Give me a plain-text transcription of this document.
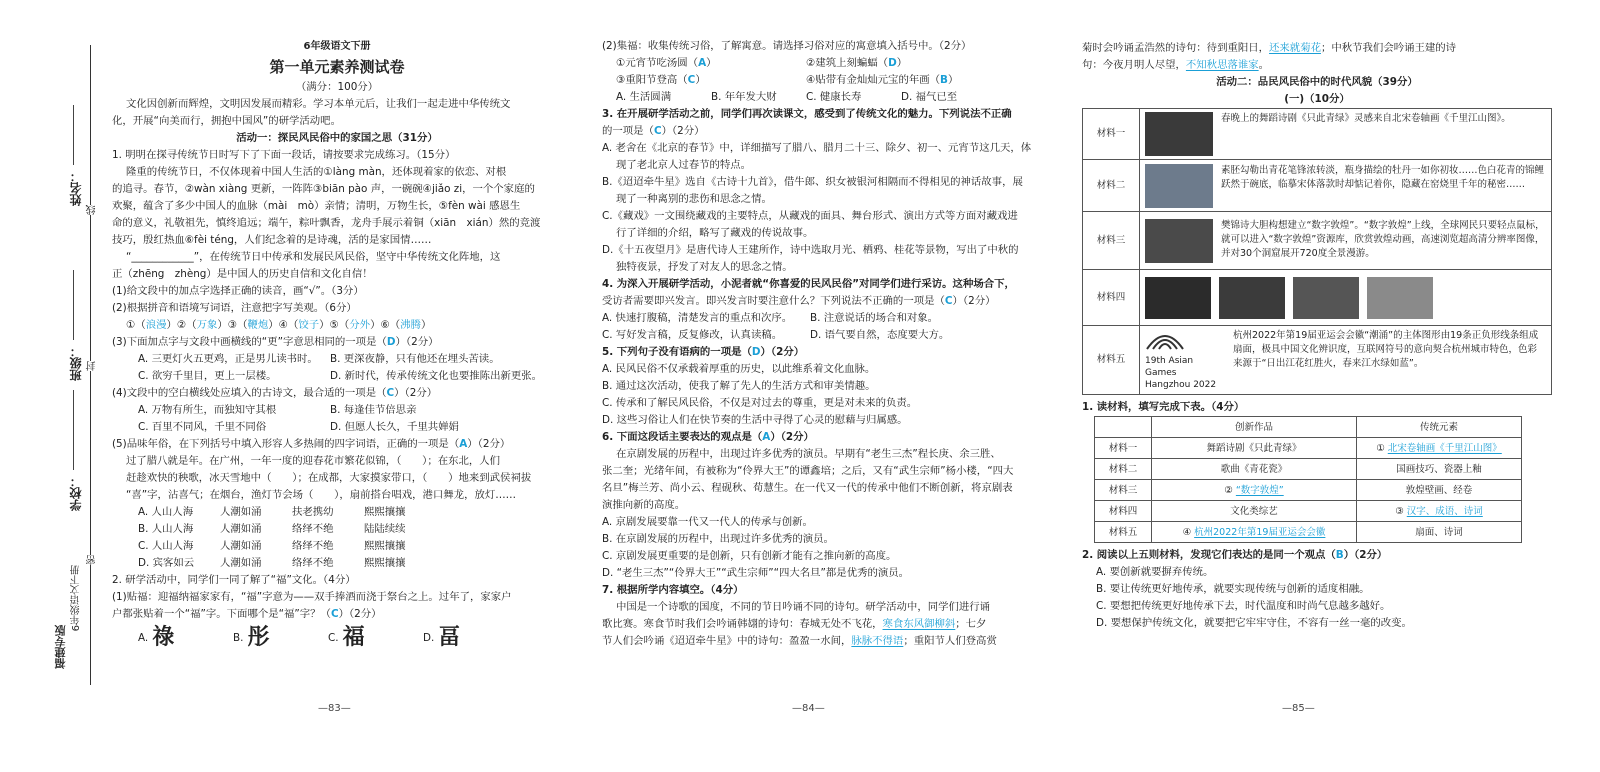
姓名：
线
班级： 封
学校：
6年级语文下册
密
福建专版
6年级语文下册
第一单元素养测试卷
（满分：100分）
文化因创新而辉煌，文明因发展而精彩。学习本单元后，让我们一起走进中华传统文
化，开展“向美而行，拥抱中国风”的研学活动吧。
活动一：探民风民俗中的家国之思（31分）
1. 明明在探寻传统节日时写下了下面一段话，请按要求完成练习。（15分）
隆重的传统节日，不仅体现着中国人生活的①làng màn，还体现着家的依恋、对根
的追寻。春节，②wàn xiàng 更新，一阵阵③biān pào 声，一碗碗④jiǎo zi，一个个家庭的
欢聚，蕴含了多少中国人的血脉（mài　mò）亲情；清明，万物生长，⑤fèn wài 感恩生
命的意义，礼敬祖先，慎终追远；端午，粽叶飘香，龙舟手展示着铜（xiān　xián）然的竞渡
技巧，殷红热血⑥fèi téng，人们纪念着的是诗魂，活的是家国情……
“____________”，在传统节日中传承和发展民风民俗，坚守中华传统文化阵地，这
正（zhēng　zhèng）是中国人的历史自信和文化自信！
(1)给文段中的加点字选择正确的读音，画“√”。（3分）
(2)根据拼音和语境写词语，注意把字写美观。（6分）
①（浪漫）②（万象）③（鞭炮）④（饺子）⑤（分外）⑥（沸腾）
(3)下面加点字与文段中画横线的“更”字意思相同的一项是（D）（2分）
A. 三更灯火五更鸡，正是男儿读书时。 B. 更深夜静，只有他还在埋头苦读。
C. 欲穷千里目，更上一层楼。	D. 新时代，传承传统文化也要推陈出新更张。
(4)文段中的空白横线处应填入的古诗文，最合适的一项是（C）（2分）
A. 万物有所生，而独知守其根	B. 每逢佳节倍思亲
C. 百里不同风，千里不同俗	D. 但愿人长久，千里共婵娟
(5)品味年俗，在下列括号中填入形容人多热闹的四字词语，正确的一项是（A）（2分）
过了腊八就是年。在广州，一年一度的迎春花市繁花似锦，（　　）；在东北，人们
赶趁欢快的秧歌，冰天雪地中（　　）；在成都，大家摸家带口，（　　）地来到武侯祠拔
“喜”字，沾喜气；在烟台，渔灯节会场（　　），扇前搭台唱戏，港口舞龙，放灯……
A. 人山人海	人潮如涌	扶老携幼	熙熙攘攘
B. 人山人海	人潮如涌	络绎不绝	陆陆续续
C. 人山人海	人潮如涌	络绎不绝	熙熙攘攘
D. 宾客如云 人潮如涌	络绎不绝	熙熙攘攘
2. 研学活动中，同学们一同了解了“福”文化。（4分）
(1)贴福：迎福纳福家家有，“福”字意为——双手捧酒而浇于祭台之上。过年了，家家户
户都张贴着一个“福”字。下面哪个是“福”字？（C）（2分）
A. 祿	B. 彤	C. 福	D. 畐
—83—
(2)集福：收集传统习俗，了解寓意。请选择习俗对应的寓意填入括号中。（2分）
①元宵节吃汤圆（A）	②建筑上刻蝙蝠（D）
③重阳节登高（C）	④贴带有金灿灿元宝的年画（B）
A. 生活圆满	B. 年年发大财	C. 健康长寿	D. 福气已至
3. 在开展研学活动之前，同学们再次读课文，感受到了传统文化的魅力。下列说法不正确
的一项是（C）（2分）
A. 老舍在《北京的春节》中，详细描写了腊八、腊月二十三、除夕、初一、元宵节这几天，体
现了老北京人过春节的特点。
B.《迢迢牵牛星》选自《古诗十九首》，借牛郎、织女被银河相隔而不得相见的神话故事，展
现了一种离别的悲伤和思念之情。
C.《藏戏》一文围绕藏戏的主要特点，从藏戏的面具、舞台形式、演出方式等方面对藏戏进
行了详细的介绍，略写了藏戏的传说故事。
D.《十五夜望月》是唐代诗人王建所作，诗中选取月光、栖鸦、桂花等景物，写出了中秋的
独特夜景，抒发了对友人的思念之情。
4. 为深入开展研学活动，小泥者就“你喜爱的民风民俗”对同学们进行采访。这种场合下，
受访者需要即兴发言。即兴发言时要注意什么？下列说法不正确的一项是（C）（2分）
A. 快速打腹稿，清楚发言的重点和次序。 B. 注意说话的场合和对象。
C. 写好发言稿，反复修改，认真读稿。	D. 语气要自然，态度要大方。
5. 下列句子没有语病的一项是（D）（2分）
A. 民风民俗不仅承载着厚重的历史，以此维系着文化血脉。
B. 通过这次活动，使我了解了先人的生活方式和审美情趣。
C. 传承和了解民风民俗，不仅是对过去的尊重，更是对未来的负责。
D. 这些习俗让人们在快节奏的生活中寻得了心灵的慰藉与归属感。
6. 下面这段话主要表达的观点是（A）（2分）
在京剧发展的历程中，出现过许多优秀的演员。早期有“老生三杰”程长庚、余三胜、
张二奎；光绪年间，有被称为“伶界大王”的谭鑫培；之后，又有“武生宗师”杨小楼，“四大
名旦”梅兰芳、尚小云、程砚秋、荀慧生。在一代又一代的传承中他们不断创新，将京剧表
演推向新的高度。
A. 京剧发展要靠一代又一代人的传承与创新。
B. 在京剧发展的历程中，出现过许多优秀的演员。
C. 京剧发展更重要的是创新，只有创新才能有之推向新的高度。
D. “老生三杰”“伶界大王”“武生宗师”“四大名旦”都是优秀的演员。
7. 根据所学内容填空。（4分）
中国是一个诗歌的国度，不同的节日吟诵不同的诗句。研学活动中，同学们进行诵
歌比赛。寒食节时我们会吟诵韩翃的诗句：春城无处不飞花，寒食东风御柳斜；七夕
节人们会吟诵《迢迢牵牛星》中的诗句：盈盈一水间，脉脉不得语；重阳节人们登高赏
—84—
菊时会吟诵孟浩然的诗句：待到重阳日，还来就菊花；中秋节我们会吟诵王建的诗
句：今夜月明人尽望，不知秋思落谁家。
活动二：品民风民俗中的时代风貌（39分）
(一)（10分）
材料一	春晚上的舞蹈诗剧《只此青绿》灵感来自北宋卷轴画《千里江山图》。
材料二	素胚勾勒出青花笔锋浓转淡，瓶身描绘的牡丹一如你初妆……色白花青的锦鲤跃然于碗底，临摹宋体落款时却惦记着你，隐藏在窑烧里千年的秘密……
材料三	樊锦诗大胆构想建立“数字敦煌”。“数字敦煌”上线，全球网民只要轻点鼠标，就可以进入“数字敦煌”资源库，欣赏敦煌动画，高速浏览超高清分辨率图像，并对30个洞窟展开720度全景漫游。
材料四	
材料五	19th Asian Games
Hangzhou 2022
杭州2022年第19届亚运会会徽“潮涌”的主体图形由19条正负形线条组成扇面，极具中国文化辨识度，互联网符号的意向契合杭州城市特色，色彩来源于“日出江花红胜火，春来江水绿如蓝”。
1. 读材料，填写完成下表。（4分）
	创新作品	传统元素
材料一	舞蹈诗剧《只此青绿》	① 北宋卷轴画《千里江山图》
材料二	歌曲《青花瓷》	国画技巧、瓷器上釉
材料三	② “数字敦煌”	敦煌壁画、经卷
材料四	文化类综艺	③ 汉字、成语、诗词
材料五	④ 杭州2022年第19届亚运会会徽	扇面、诗词
2. 阅读以上五则材料，发现它们表达的是同一个观点（B）（2分）
A. 要创新就要摒弃传统。
B. 要让传统更好地传承，就要实现传统与创新的适度相融。
C. 要想把传统更好地传承下去，时代温度和时尚气息越多越好。
D. 要想保护传统文化，就要把它牢牢守住，不容有一丝一毫的改变。
—85—
